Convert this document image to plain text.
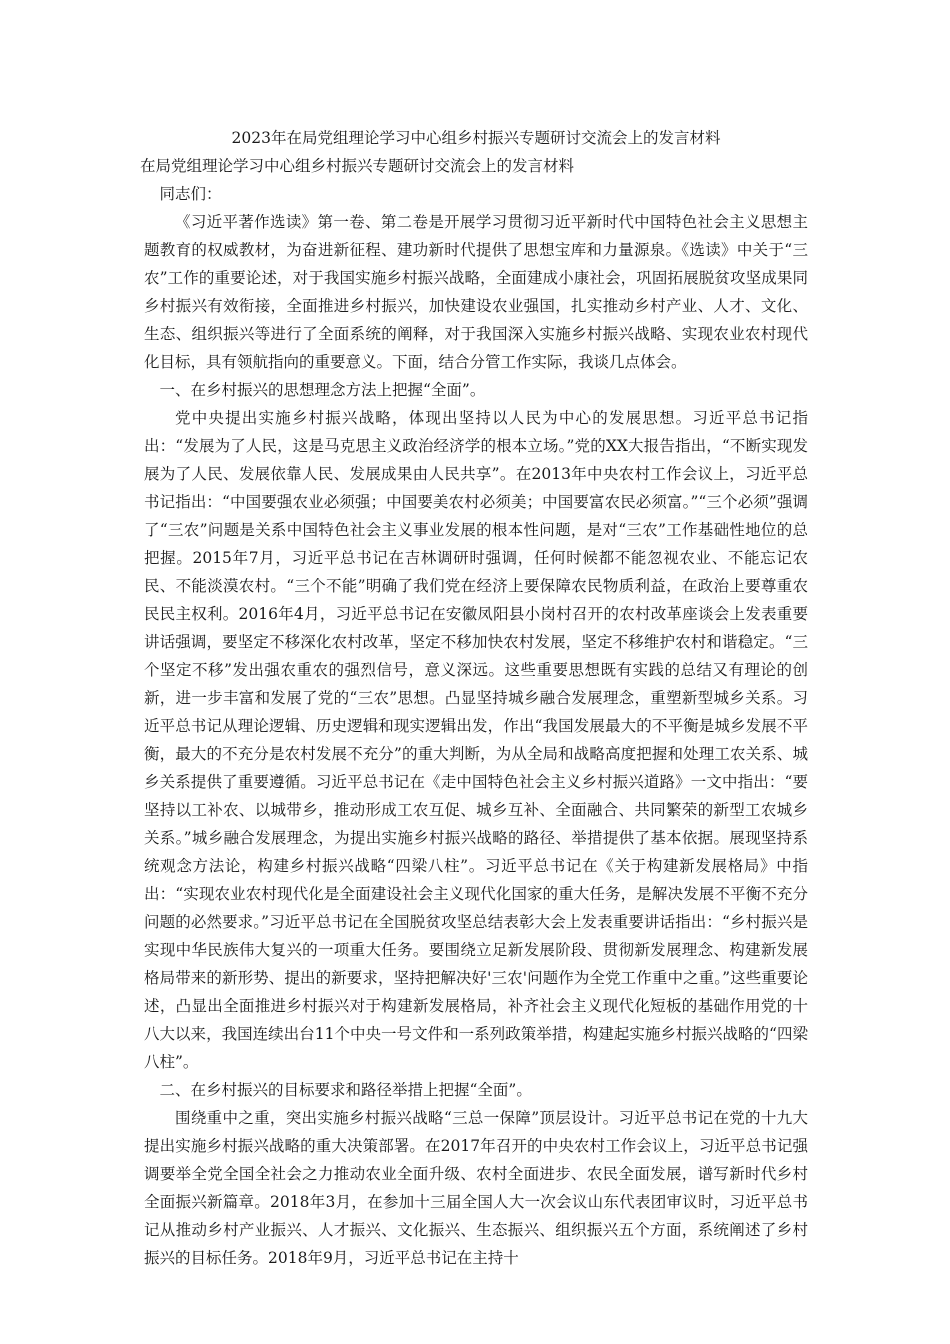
2023年在局党组理论学习中心组乡村振兴专题研讨交流会上的发言材料
在局党组理论学习中心组乡村振兴专题研讨交流会上的发言材料

同志们：

《习近平著作选读》第一卷、第二卷是开展学习贯彻习近平新时代中国特色社会主义思想主题教育的权威教材，为奋进新征程、建功新时代提供了思想宝库和力量源泉。《选读》中关于“三农”工作的重要论述，对于我国实施乡村振兴战略，全面建成小康社会，巩固拓展脱贫攻坚成果同乡村振兴有效衔接，全面推进乡村振兴，加快建设农业强国，扎实推动乡村产业、人才、文化、生态、组织振兴等进行了全面系统的阐释，对于我国深入实施乡村振兴战略、实现农业农村现代化目标，具有领航指向的重要意义。下面，结合分管工作实际，我谈几点体会。

一、在乡村振兴的思想理念方法上把握“全面”。

党中央提出实施乡村振兴战略，体现出坚持以人民为中心的发展思想。习近平总书记指出：“发展为了人民，这是马克思主义政治经济学的根本立场。”党的XX大报告指出，“不断实现发展为了人民、发展依靠人民、发展成果由人民共享”。在2013年中央农村工作会议上，习近平总书记指出：“中国要强农业必须强；中国要美农村必须美；中国要富农民必须富。”“三个必须”强调了“三农”问题是关系中国特色社会主义事业发展的根本性问题，是对“三农”工作基础性地位的总把握。2015年7月，习近平总书记在吉林调研时强调，任何时候都不能忽视农业、不能忘记农民、不能淡漠农村。“三个不能”明确了我们党在经济上要保障农民物质利益，在政治上要尊重农民民主权利。2016年4月，习近平总书记在安徽凤阳县小岗村召开的农村改革座谈会上发表重要讲话强调，要坚定不移深化农村改革，坚定不移加快农村发展，坚定不移维护农村和谐稳定。“三个坚定不移”发出强农重农的强烈信号，意义深远。这些重要思想既有实践的总结又有理论的创新，进一步丰富和发展了党的“三农”思想。凸显坚持城乡融合发展理念，重塑新型城乡关系。习近平总书记从理论逻辑、历史逻辑和现实逻辑出发，作出“我国发展最大的不平衡是城乡发展不平衡，最大的不充分是农村发展不充分”的重大判断，为从全局和战略高度把握和处理工农关系、城乡关系提供了重要遵循。习近平总书记在《走中国特色社会主义乡村振兴道路》一文中指出：“要坚持以工补农、以城带乡，推动形成工农互促、城乡互补、全面融合、共同繁荣的新型工农城乡关系。”城乡融合发展理念，为提出实施乡村振兴战略的路径、举措提供了基本依据。展现坚持系统观念方法论，构建乡村振兴战略“四梁八柱”。习近平总书记在《关于构建新发展格局》中指出：“实现农业农村现代化是全面建设社会主义现代化国家的重大任务，是解决发展不平衡不充分问题的必然要求。”习近平总书记在全国脱贫攻坚总结表彰大会上发表重要讲话指出：“乡村振兴是实现中华民族伟大复兴的一项重大任务。要围绕立足新发展阶段、贯彻新发展理念、构建新发展格局带来的新形势、提出的新要求，坚持把解决好'三农'问题作为全党工作重中之重。”这些重要论述，凸显出全面推进乡村振兴对于构建新发展格局，补齐社会主义现代化短板的基础作用党的十八大以来，我国连续出台11个中央一号文件和一系列政策举措，构建起实施乡村振兴战略的“四梁八柱”。

二、在乡村振兴的目标要求和路径举措上把握“全面”。

围绕重中之重，突出实施乡村振兴战略“三总一保障”顶层设计。习近平总书记在党的十九大提出实施乡村振兴战略的重大决策部署。在2017年召开的中央农村工作会议上，习近平总书记强调要举全党全国全社会之力推动农业全面升级、农村全面进步、农民全面发展，谱写新时代乡村全面振兴新篇章。2018年3月，在参加十三届全国人大一次会议山东代表团审议时，习近平总书记从推动乡村产业振兴、人才振兴、文化振兴、生态振兴、组织振兴五个方面，系统阐述了乡村振兴的目标任务。2018年9月，习近平总书记在主持十
